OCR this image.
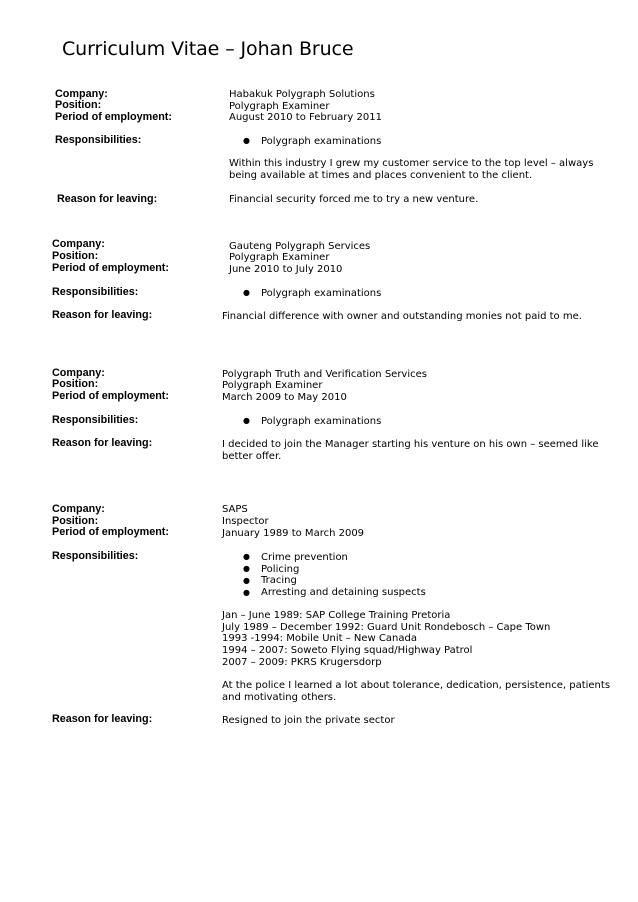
Curriculum Vitae – Johan Bruce
Company:
Position:
Period of employment:
Responsibilities:
Reason for leaving:
Habakuk Polygraph Solutions
Polygraph Examiner
August 2010 to February 2011
● Polygraph examinations
Within this industry I grew my customer service to the top level – always
being available at times and places convenient to the client.
Financial security forced me to try a new venture.
Company:
Position:
Period of employment:
Responsibilities:
Reason for leaving:
Gauteng Polygraph Services
Polygraph Examiner
June 2010 to July 2010
● Polygraph examinations
Financial difference with owner and outstanding monies not paid to me.
Company:
Position:
Period of employment:
Responsibilities:
Reason for leaving:
Polygraph Truth and Verification Services
Polygraph Examiner
March 2009 to May 2010
● Polygraph examinations
I decided to join the Manager starting his venture on his own – seemed like
better offer.
Company:
Position:
Period of employment:
Responsibilities:
Reason for leaving:
SAPS
Inspector
January 1989 to March 2009
● Crime prevention
● Policing
● Tracing
● Arresting and detaining suspects
Jan – June 1989: SAP College Training Pretoria
July 1989 – December 1992: Guard Unit Rondebosch – Cape Town
1993 -1994: Mobile Unit – New Canada
1994 – 2007: Soweto Flying squad/Highway Patrol
2007 – 2009: PKRS Krugersdorp
At the police I learned a lot about tolerance, dedication, persistence, patients
and motivating others.
Resigned to join the private sector
